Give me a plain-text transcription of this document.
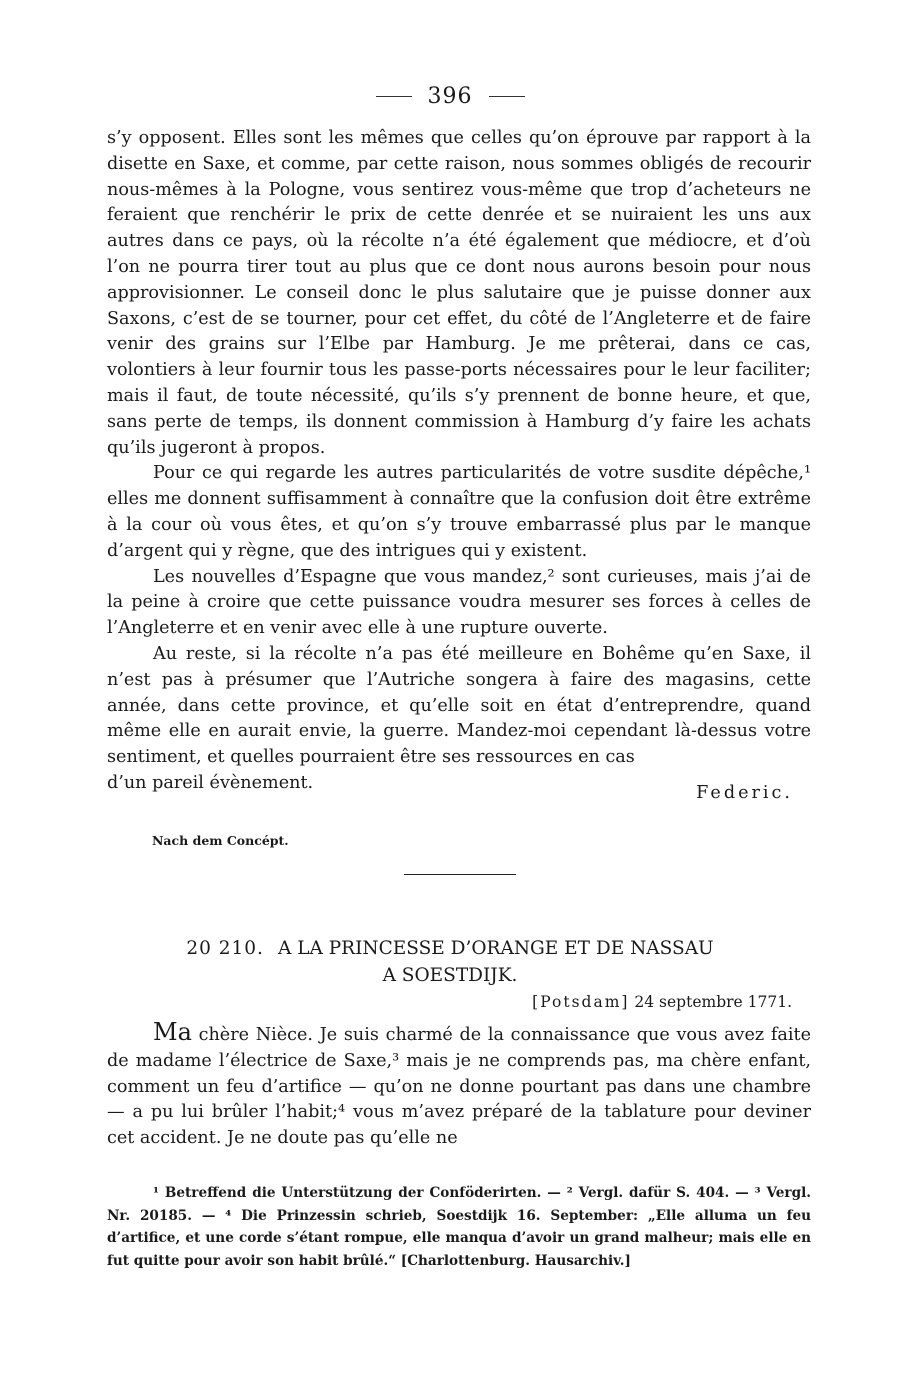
396

s’y opposent. Elles sont les mêmes que celles qu’on éprouve par rapport à la disette en Saxe, et comme, par cette raison, nous sommes obligés de recourir nous-mêmes à la Pologne, vous sentirez vous-même que trop d’acheteurs ne feraient que renchérir le prix de cette denrée et se nuiraient les uns aux autres dans ce pays, où la récolte n’a été également que médiocre, et d’où l’on ne pourra tirer tout au plus que ce dont nous aurons besoin pour nous approvisionner. Le conseil donc le plus salutaire que je puisse donner aux Saxons, c’est de se tourner, pour cet effet, du côté de l’Angleterre et de faire venir des grains sur l’Elbe par Hamburg. Je me prêterai, dans ce cas, volontiers à leur fournir tous les passe-ports nécessaires pour le leur faciliter; mais il faut, de toute nécessité, qu’ils s’y prennent de bonne heure, et que, sans perte de temps, ils donnent commission à Hamburg d’y faire les achats qu’ils jugeront à propos.

Pour ce qui regarde les autres particularités de votre susdite dépêche,¹ elles me donnent suffisamment à connaître que la confusion doit être extrême à la cour où vous êtes, et qu’on s’y trouve embarrassé plus par le manque d’argent qui y règne, que des intrigues qui y existent.

Les nouvelles d’Espagne que vous mandez,² sont curieuses, mais j’ai de la peine à croire que cette puissance voudra mesurer ses forces à celles de l’Angleterre et en venir avec elle à une rupture ouverte.

Au reste, si la récolte n’a pas été meilleure en Bohême qu’en Saxe, il n’est pas à présumer que l’Autriche songera à faire des magasins, cette année, dans cette province, et qu’elle soit en état d’entreprendre, quand même elle en aurait envie, la guerre. Mandez-moi cependant là-dessus votre sentiment, et quelles pourraient être ses ressources en cas

d’un pareil évènement.	Federic.
Nach dem Concépt.
20 210. A LA PRINCESSE D’ORANGE ET DE NASSAU
A SOESTDIJK.
[Potsdam] 24 septembre 1771.

Ma chère Nièce. Je suis charmé de la connaissance que vous avez faite de madame l’électrice de Saxe,³ mais je ne comprends pas, ma chère enfant, comment un feu d’artifice — qu’on ne donne pourtant pas dans une chambre — a pu lui brûler l’habit;⁴ vous m’avez préparé de la tablature pour deviner cet accident. Je ne doute pas qu’elle ne

¹ Betreffend die Unterstützung der Conföderirten. — ² Vergl. dafür S. 404. — ³ Vergl. Nr. 20185. — ⁴ Die Prinzessin schrieb, Soestdijk 16. September: „Elle alluma un feu d’artifice, et une corde s’étant rompue, elle manqua d’avoir un grand malheur; mais elle en fut quitte pour avoir son habit brûlé.“ [Charlottenburg. Hausarchiv.]
